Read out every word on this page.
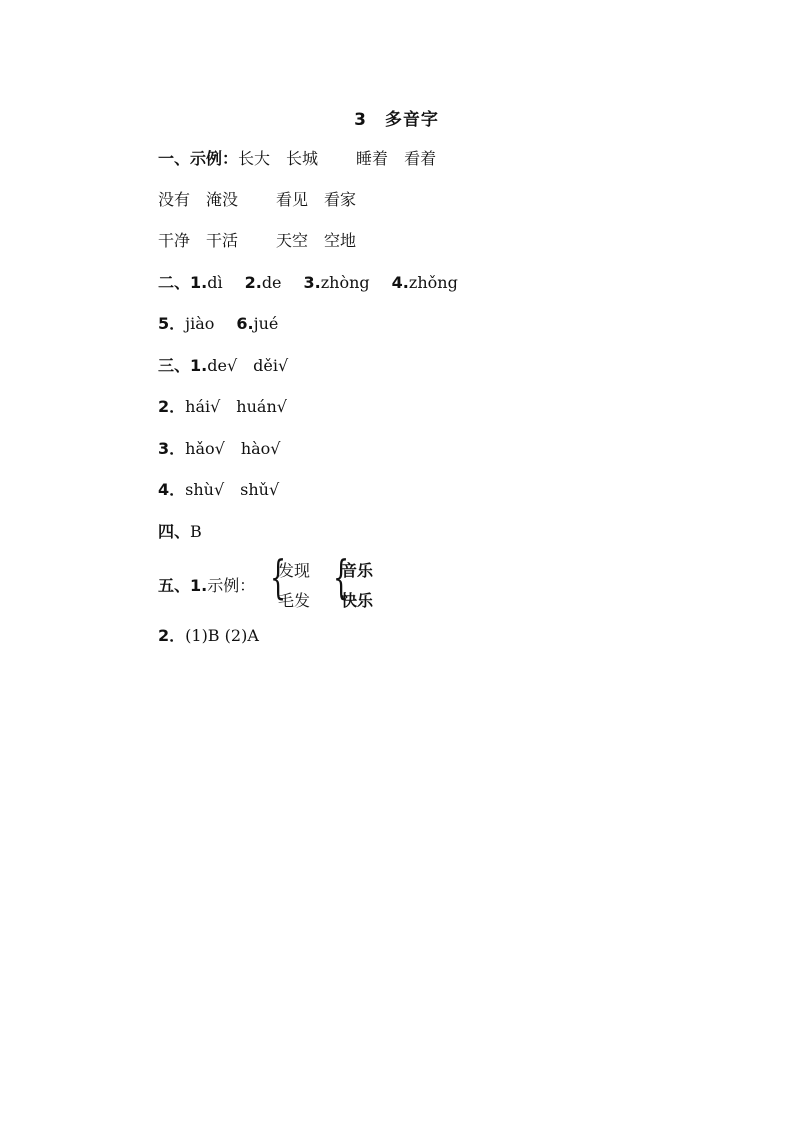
3 多音字
一、示例：长大 长城 睡着 看着
没有 淹没 看见 看家
干净 干活 天空 空地
二、1.dì 2.de 3.zhòng 4.zhǒng
5．jiào 6.jué
三、1.de√ děi√
2．hái√ huán√
3．hǎo√ hào√
4．shù√ shǔ√
四、B
五、1.示例： {
发现
毛发 {
音乐
快乐
2．(1)B (2)A
